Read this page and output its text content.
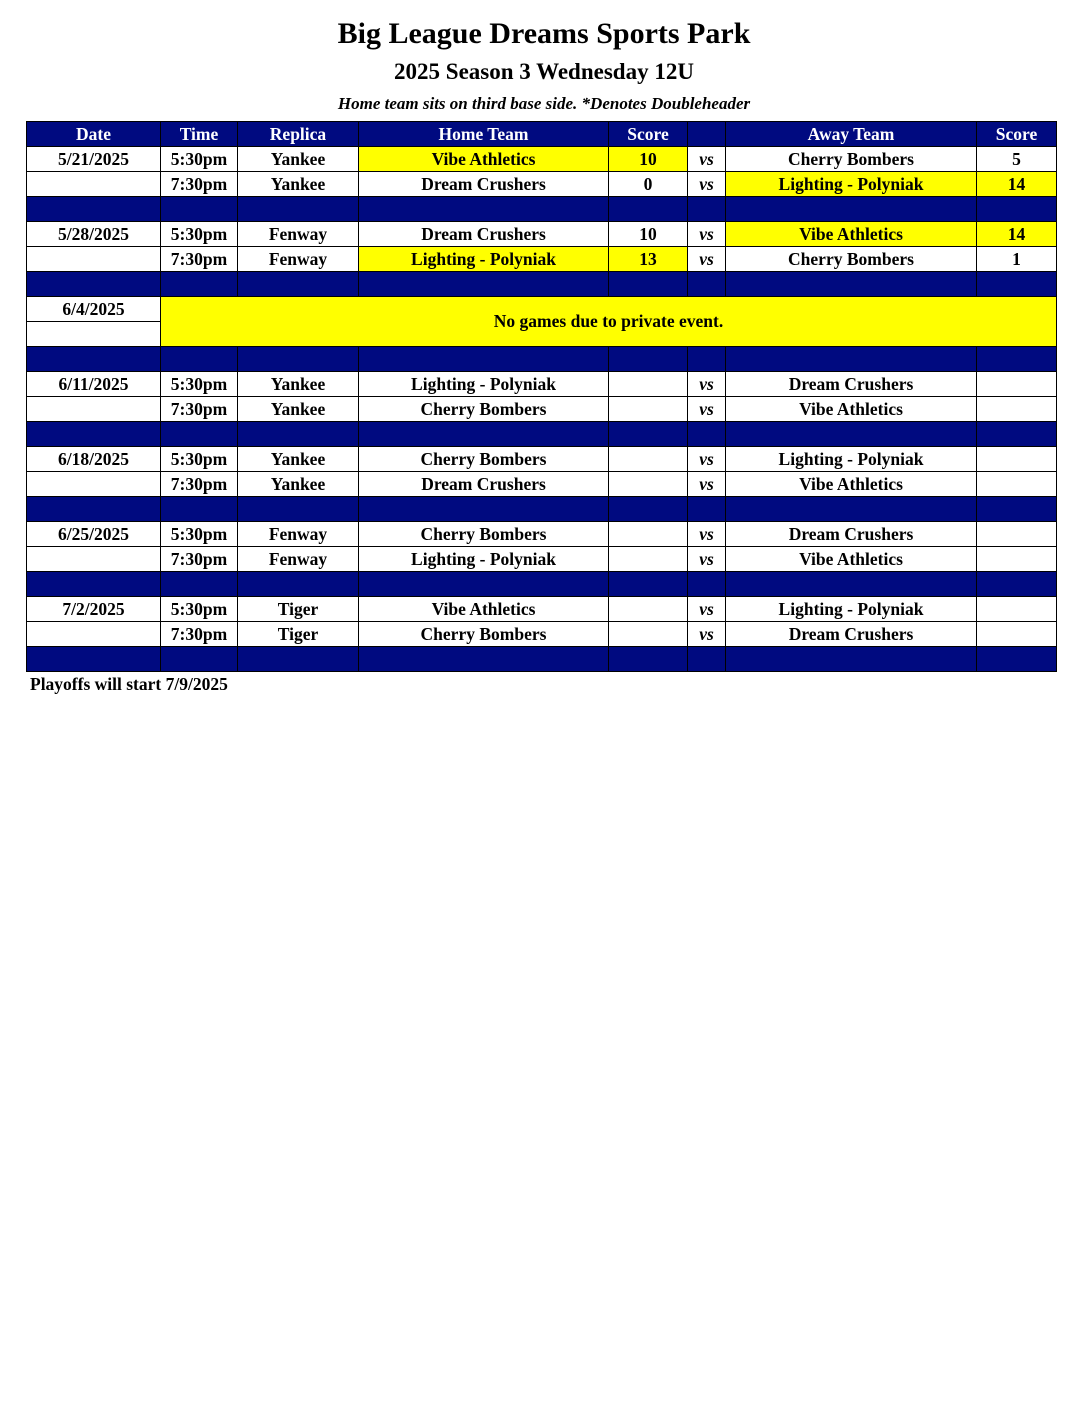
Big League Dreams Sports Park
2025 Season 3 Wednesday 12U
Home team sits on third base side. *Denotes Doubleheader
Date	Time	Replica	Home Team	Score		Away Team	Score
5/21/2025	5:30pm	Yankee	Vibe Athletics	10	vs	Cherry Bombers	5
	7:30pm	Yankee	Dream Crushers	0	vs	Lighting - Polyniak	14

5/28/2025	5:30pm	Fenway	Dream Crushers	10	vs	Vibe Athletics	14
	7:30pm	Fenway	Lighting - Polyniak	13	vs	Cherry Bombers	1

6/4/2025	No games due to private event.						

6/11/2025	5:30pm	Yankee	Lighting - Polyniak		vs	Dream Crushers	
	7:30pm	Yankee	Cherry Bombers		vs	Vibe Athletics	

6/18/2025	5:30pm	Yankee	Cherry Bombers		vs	Lighting - Polyniak	
	7:30pm	Yankee	Dream Crushers		vs	Vibe Athletics	

6/25/2025	5:30pm	Fenway	Cherry Bombers		vs	Dream Crushers	
	7:30pm	Fenway	Lighting - Polyniak		vs	Vibe Athletics	

7/2/2025	5:30pm	Tiger	Vibe Athletics		vs	Lighting - Polyniak	
	7:30pm	Tiger	Cherry Bombers		vs	Dream Crushers	

Playoffs will start 7/9/2025
